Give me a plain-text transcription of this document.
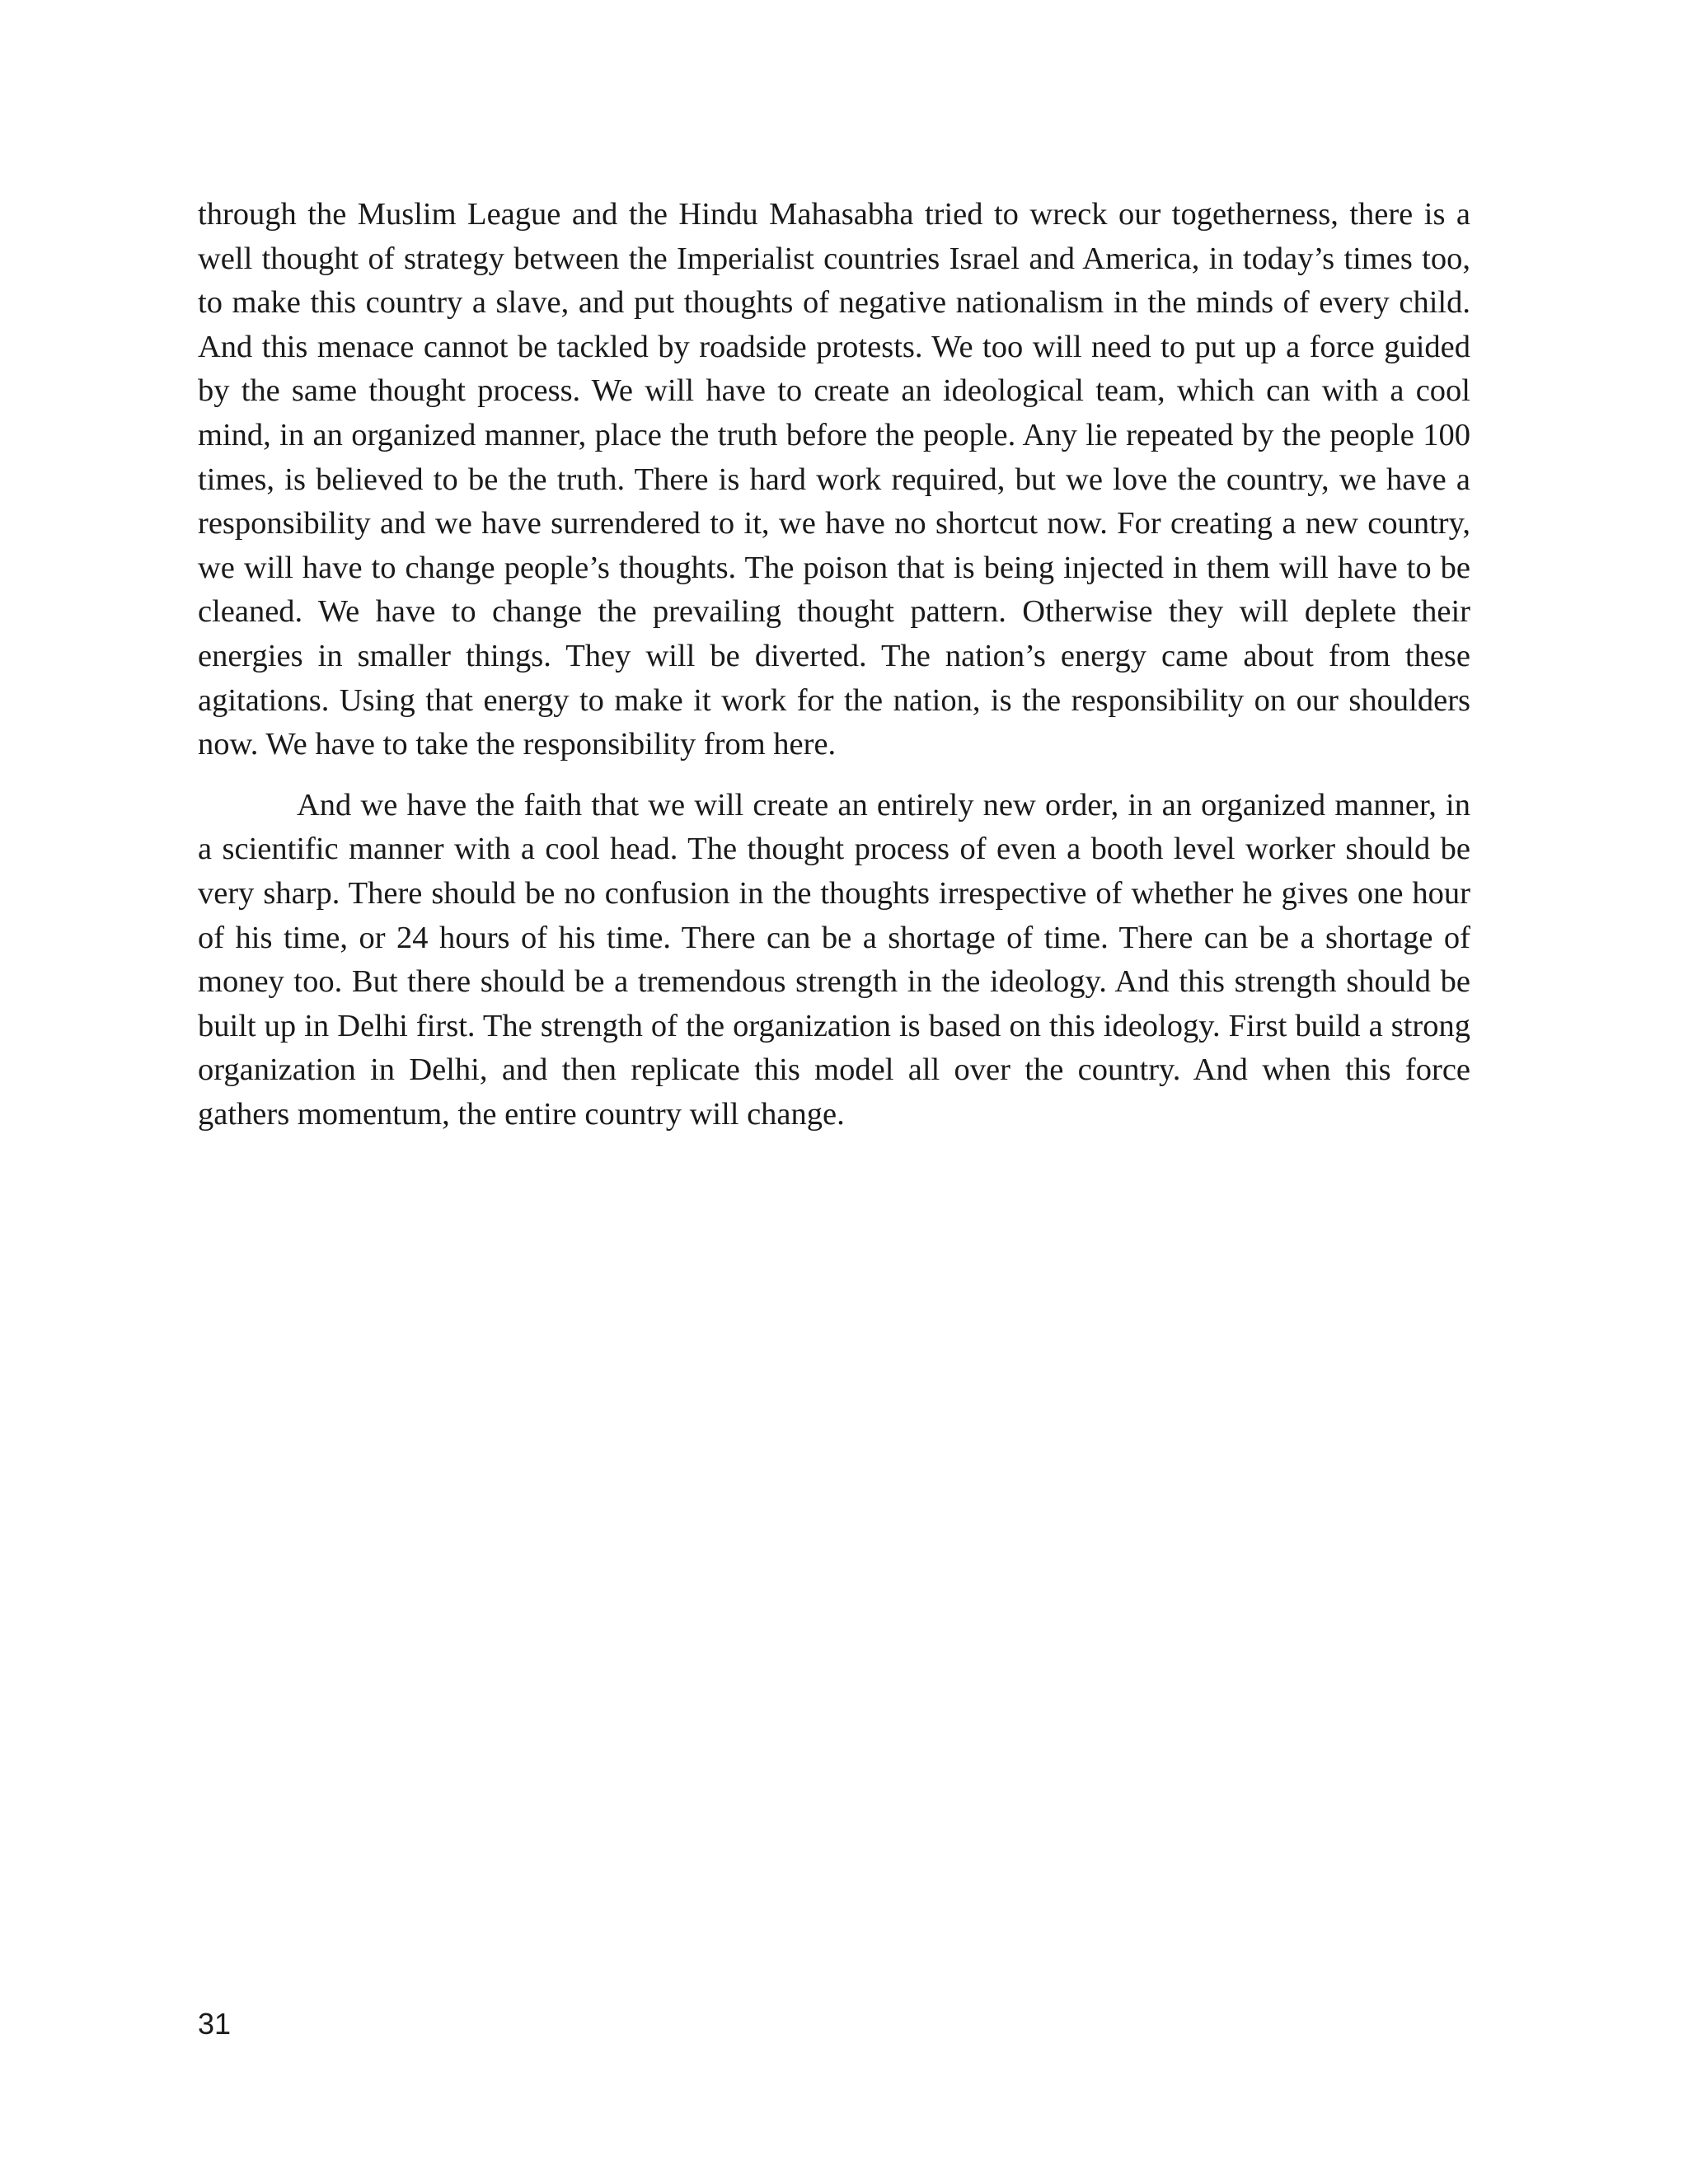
through the Muslim League and the Hindu Mahasabha tried to wreck our togetherness, there is a well thought of strategy between the Imperialist countries Israel and America, in today’s times too, to make this country a slave, and put thoughts of negative nationalism in the minds of every child. And this menace cannot be tackled by roadside protests. We too will need to put up a force guided by the same thought process. We will have to create an ideological team, which can with a cool mind, in an organized manner, place the truth before the people. Any lie repeated by the people 100 times, is believed to be the truth. There is hard work required, but we love the country, we have a responsibility and we have surrendered to it, we have no shortcut now. For creating a new country, we will have to change people’s thoughts. The poison that is being injected in them will have to be cleaned. We have to change the prevailing thought pattern. Otherwise they will deplete their energies in smaller things. They will be diverted. The nation’s energy came about from these agitations. Using that energy to make it work for the nation, is the responsibility on our shoulders now. We have to take the responsibility from here.

And we have the faith that we will create an entirely new order, in an organized manner, in a scientific manner with a cool head. The thought process of even a booth level worker should be very sharp. There should be no confusion in the thoughts irrespective of whether he gives one hour of his time, or 24 hours of his time. There can be a shortage of time. There can be a shortage of money too. But there should be a tremendous strength in the ideology. And this strength should be built up in Delhi first. The strength of the organization is based on this ideology. First build a strong organization in Delhi, and then replicate this model all over the country. And when this force gathers momentum, the entire country will change.

31
